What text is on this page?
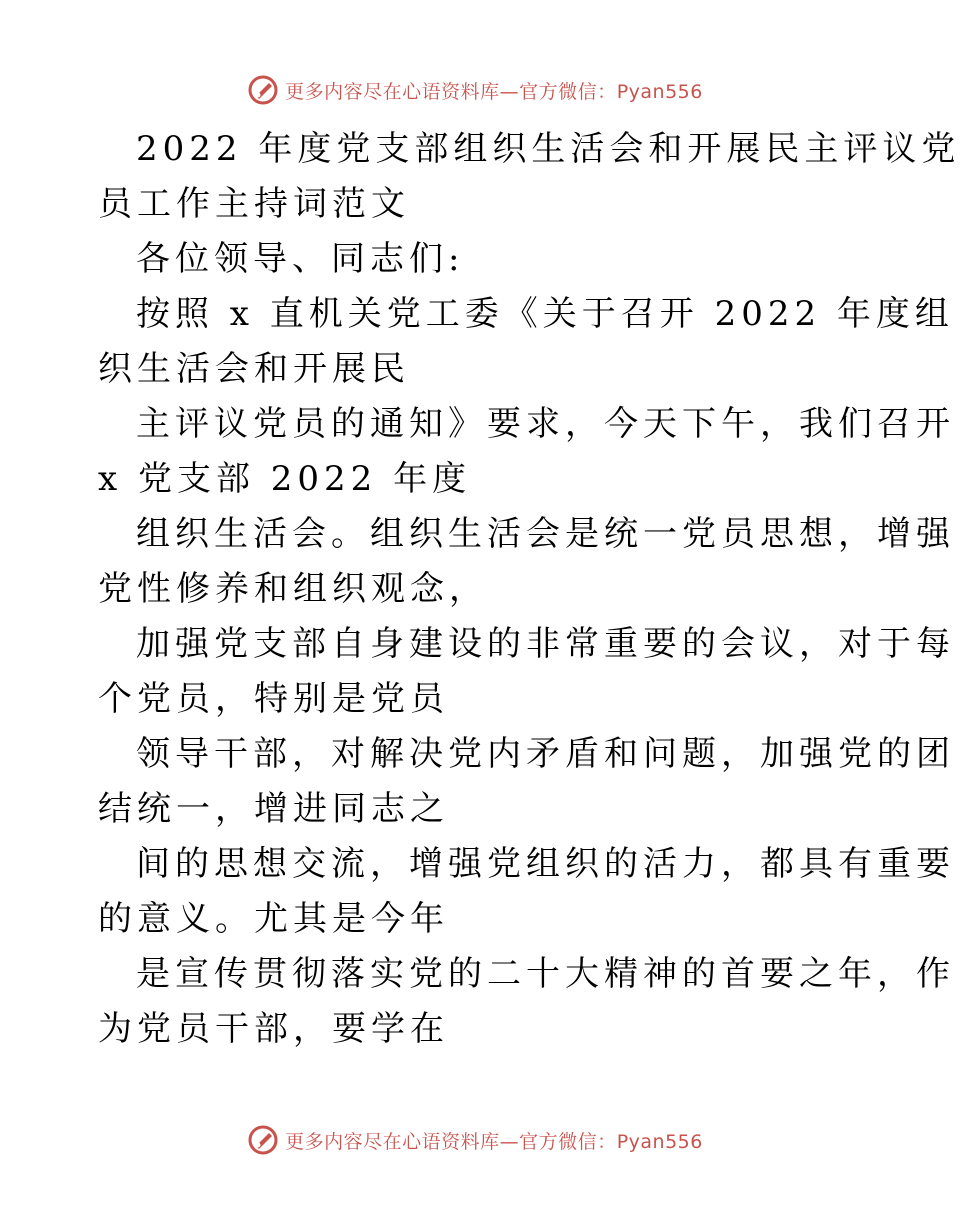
更多内容尽在心语资料库—官方微信：Pyan556
2022 年度党支部组织生活会和开展民主评议党
员工作主持词范文
各位领导、同志们:
按照 x 直机关党工委《关于召开 2022 年度组
织生活会和开展民
主评议党员的通知》要求，今天下午，我们召开
x 党支部 2022 年度
组织生活会。组织生活会是统一党员思想，增强
党性修养和组织观念，
加强党支部自身建设的非常重要的会议，对于每
个党员，特别是党员
领导干部，对解决党内矛盾和问题，加强党的团
结统一，增进同志之
间的思想交流，增强党组织的活力，都具有重要
的意义。尤其是今年
是宣传贯彻落实党的二十大精神的首要之年，作
为党员干部，要学在
更多内容尽在心语资料库—官方微信：Pyan556
